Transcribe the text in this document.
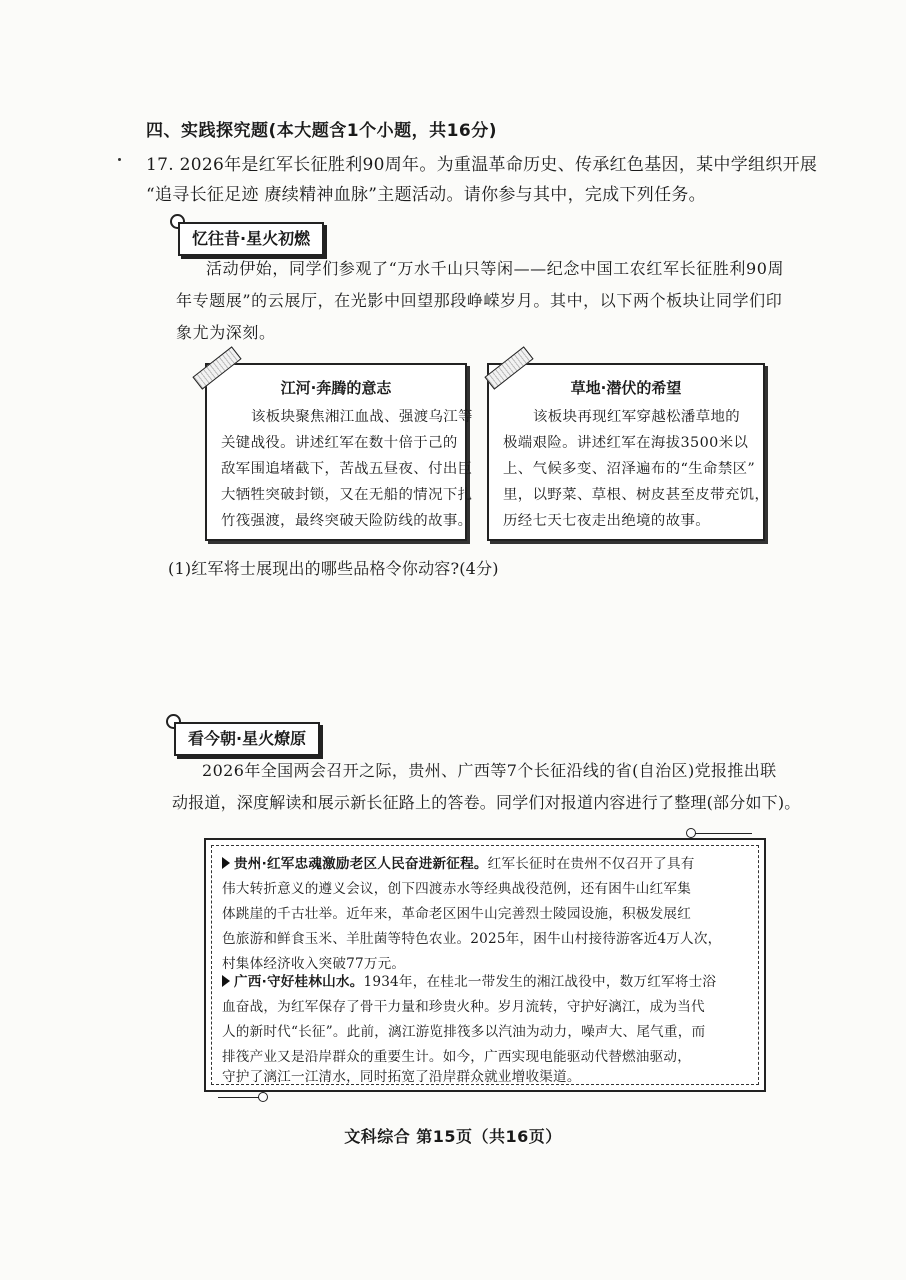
四、实践探究题(本大题含1个小题，共16分)
17. 2026年是红军长征胜利90周年。为重温革命历史、传承红色基因，某中学组织开展
“追寻长征足迹 赓续精神血脉”主题活动。请你参与其中，完成下列任务。
忆往昔·星火初燃
活动伊始，同学们参观了“万水千山只等闲——纪念中国工农红军长征胜利90周
年专题展”的云展厅，在光影中回望那段峥嵘岁月。其中，以下两个板块让同学们印
象尤为深刻。
江河·奔腾的意志
该板块聚焦湘江血战、强渡乌江等
关键战役。讲述红军在数十倍于己的
敌军围追堵截下，苦战五昼夜、付出巨
大牺牲突破封锁，又在无船的情况下扎
竹筏强渡，最终突破天险防线的故事。
草地·潜伏的希望
该板块再现红军穿越松潘草地的
极端艰险。讲述红军在海拔3500米以
上、气候多变、沼泽遍布的“生命禁区”
里，以野菜、草根、树皮甚至皮带充饥，
历经七天七夜走出绝境的故事。
(1)红军将士展现出的哪些品格令你动容?(4分)
看今朝·星火燎原
2026年全国两会召开之际，贵州、广西等7个长征沿线的省(自治区)党报推出联
动报道，深度解读和展示新长征路上的答卷。同学们对报道内容进行了整理(部分如下)。
贵州·红军忠魂激励老区人民奋进新征程。红军长征时在贵州不仅召开了具有
伟大转折意义的遵义会议，创下四渡赤水等经典战役范例，还有困牛山红军集
体跳崖的千古壮举。近年来，革命老区困牛山完善烈士陵园设施，积极发展红
色旅游和鲜食玉米、羊肚菌等特色农业。2025年，困牛山村接待游客近4万人次，
村集体经济收入突破77万元。
广西·守好桂林山水。1934年，在桂北一带发生的湘江战役中，数万红军将士浴
血奋战，为红军保存了骨干力量和珍贵火种。岁月流转，守护好漓江，成为当代
人的新时代“长征”。此前，漓江游览排筏多以汽油为动力，噪声大、尾气重，而
排筏产业又是沿岸群众的重要生计。如今，广西实现电能驱动代替燃油驱动，
守护了漓江一江清水，同时拓宽了沿岸群众就业增收渠道。
文科综合 第15页（共16页）
